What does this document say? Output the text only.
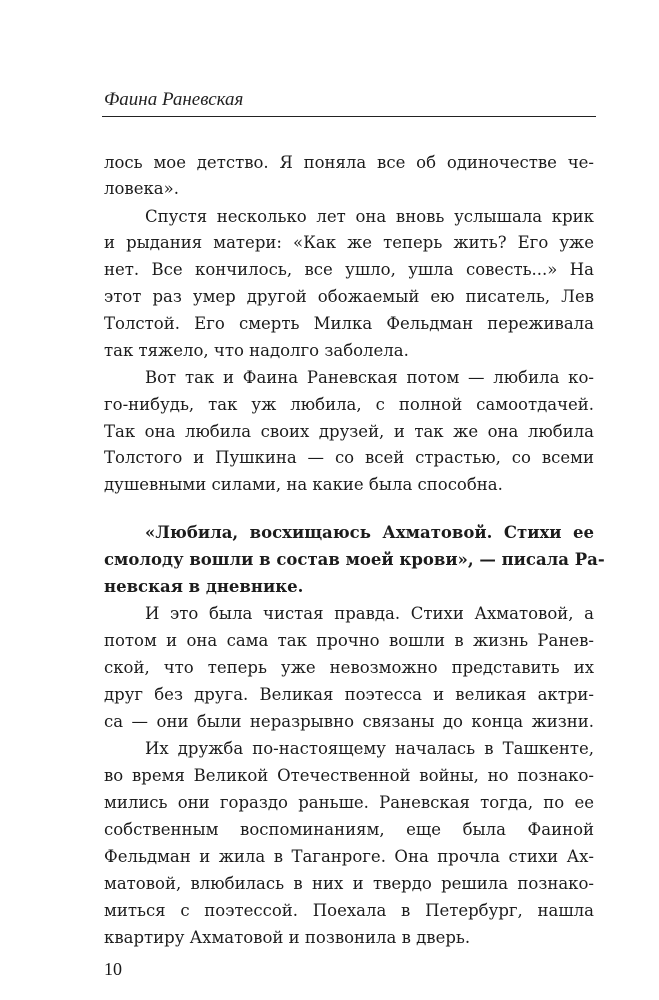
Фаина Раневская
лось мое детство. Я поняла все об одиночестве че-
ловека».
Спустя несколько лет она вновь услышала крик
и рыдания матери: «Как же теперь жить? Его уже
нет. Все кончилось, все ушло, ушла совесть...» На
этот раз умер другой обожаемый ею писатель, Лев
Толстой. Его смерть Милка Фельдман переживала
так тяжело, что надолго заболела.
Вот так и Фаина Раневская потом — любила ко-
го-нибудь, так уж любила, с полной самоотдачей.
Так она любила своих друзей, и так же она любила
Толстого и Пушкина — со всей страстью, со всеми
душевными силами, на какие была способна.
«Любила, восхищаюсь Ахматовой. Стихи ее
смолоду вошли в состав моей крови», — писала Ра-
невская в дневнике.
И это была чистая правда. Стихи Ахматовой, а
потом и она сама так прочно вошли в жизнь Ранев-
ской, что теперь уже невозможно представить их
друг без друга. Великая поэтесса и великая актри-
са — они были неразрывно связаны до конца жизни.
Их дружба по-настоящему началась в Ташкенте,
во время Великой Отечественной войны, но познако-
мились они гораздо раньше. Раневская тогда, по ее
собственным воспоминаниям, еще была Фаиной
Фельдман и жила в Таганроге. Она прочла стихи Ах-
матовой, влюбилась в них и твердо решила познако-
миться с поэтессой. Поехала в Петербург, нашла
квартиру Ахматовой и позвонила в дверь.
10
